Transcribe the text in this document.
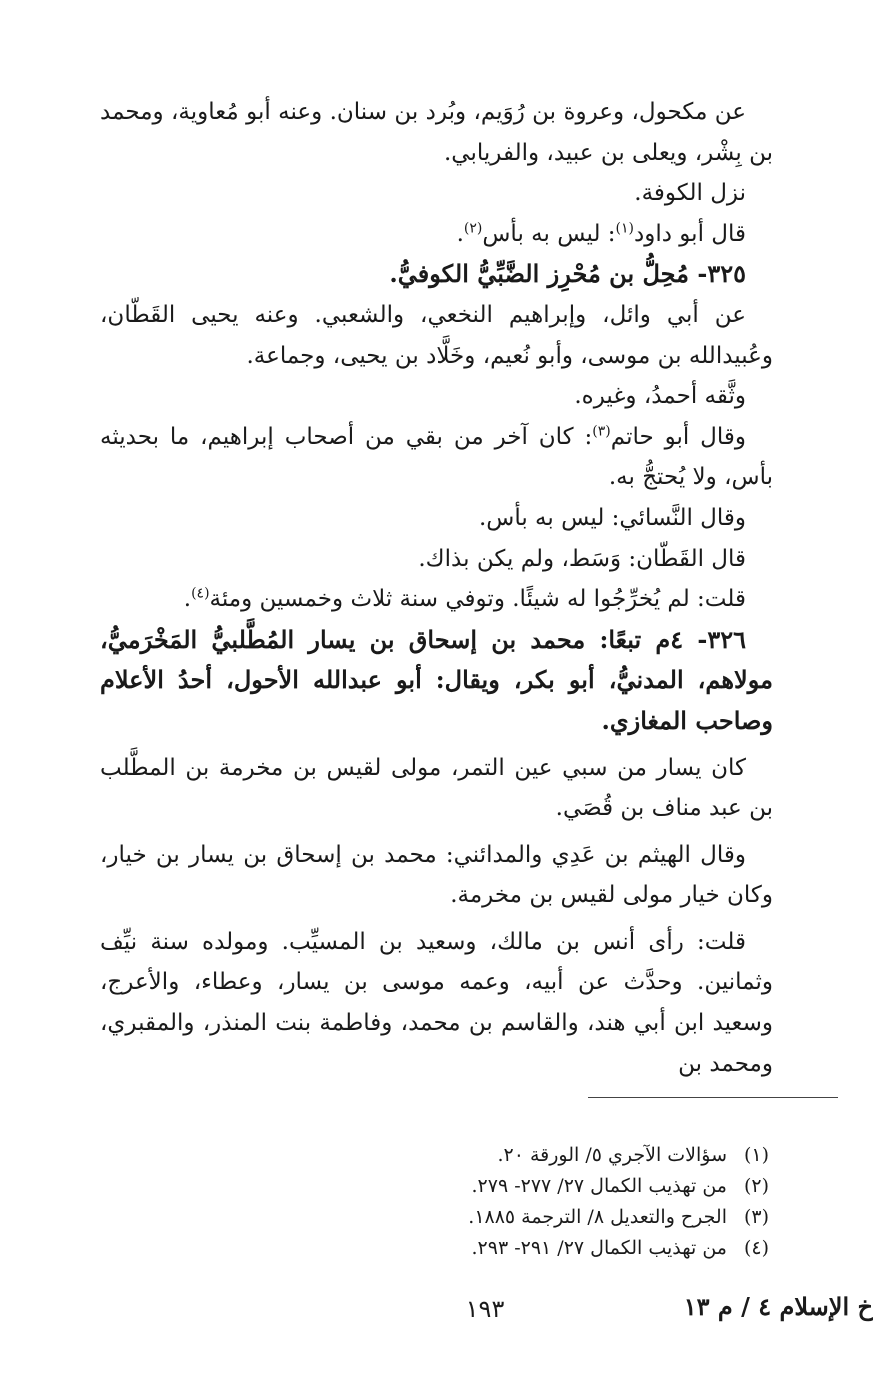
عن مكحول، وعروة بن رُوَيم، وبُرد بن سنان. وعنه أبو مُعاوية، ومحمد بن بِشْر، ويعلى بن عبيد، والفريابي.

نزل الكوفة.

قال أبو داود$^{(١)}$: ليس به بأس$^{(٢)}$.

٣٢٥- مُحِلُّ بن مُحْرِز الضَّبِّيُّ الكوفيُّ.

عن أبي وائل، وإبراهيم النخعي، والشعبي. وعنه يحيى القَطّان، وعُبيدالله بن موسى، وأبو نُعيم، وخَلَّاد بن يحيى، وجماعة.

وثَّقه أحمدُ، وغيره.

وقال أبو حاتم$^{(٣)}$: كان آخر من بقي من أصحاب إبراهيم، ما بحديثه بأس، ولا يُحتجُّ به.

وقال النَّسائي: ليس به بأس.

قال القَطّان: وَسَط، ولم يكن بذاك.

قلت: لم يُخرِّجُوا له شيئًا. وتوفي سنة ثلاث وخمسين ومئة$^{(٤)}$.

٣٢٦- ٤م تبعًا: محمد بن إسحاق بن يسار المُطَّلبيُّ المَخْرَميُّ، مولاهم، المدنيُّ، أبو بكر، ويقال: أبو عبدالله الأحول، أحدُ الأعلام وصاحب المغازي.

كان يسار من سبي عين التمر، مولى لقيس بن مخرمة بن المطَّلب بن عبد مناف بن قُصَي.

وقال الهيثم بن عَدِي والمدائني: محمد بن إسحاق بن يسار بن خيار، وكان خيار مولى لقيس بن مخرمة.

قلت: رأى أنس بن مالك، وسعيد بن المسيِّب. ومولده سنة نيِّف وثمانين. وحدَّث عن أبيه، وعمه موسى بن يسار، وعطاء، والأعرج، وسعيد ابن أبي هند، والقاسم بن محمد، وفاطمة بنت المنذر، والمقبري، ومحمد بن

(١)
سؤالات الآجري ٥/ الورقة ٢٠.
(٢)
من تهذيب الكمال ٢٧/ ٢٧٧- ٢٧٩.
(٣)
الجرح والتعديل ٨/ الترجمة ١٨٨٥.
(٤)
من تهذيب الكمال ٢٧/ ٢٩١- ٢٩٣.
١٩٣	خ الإسلام ٤ / م ١٣
